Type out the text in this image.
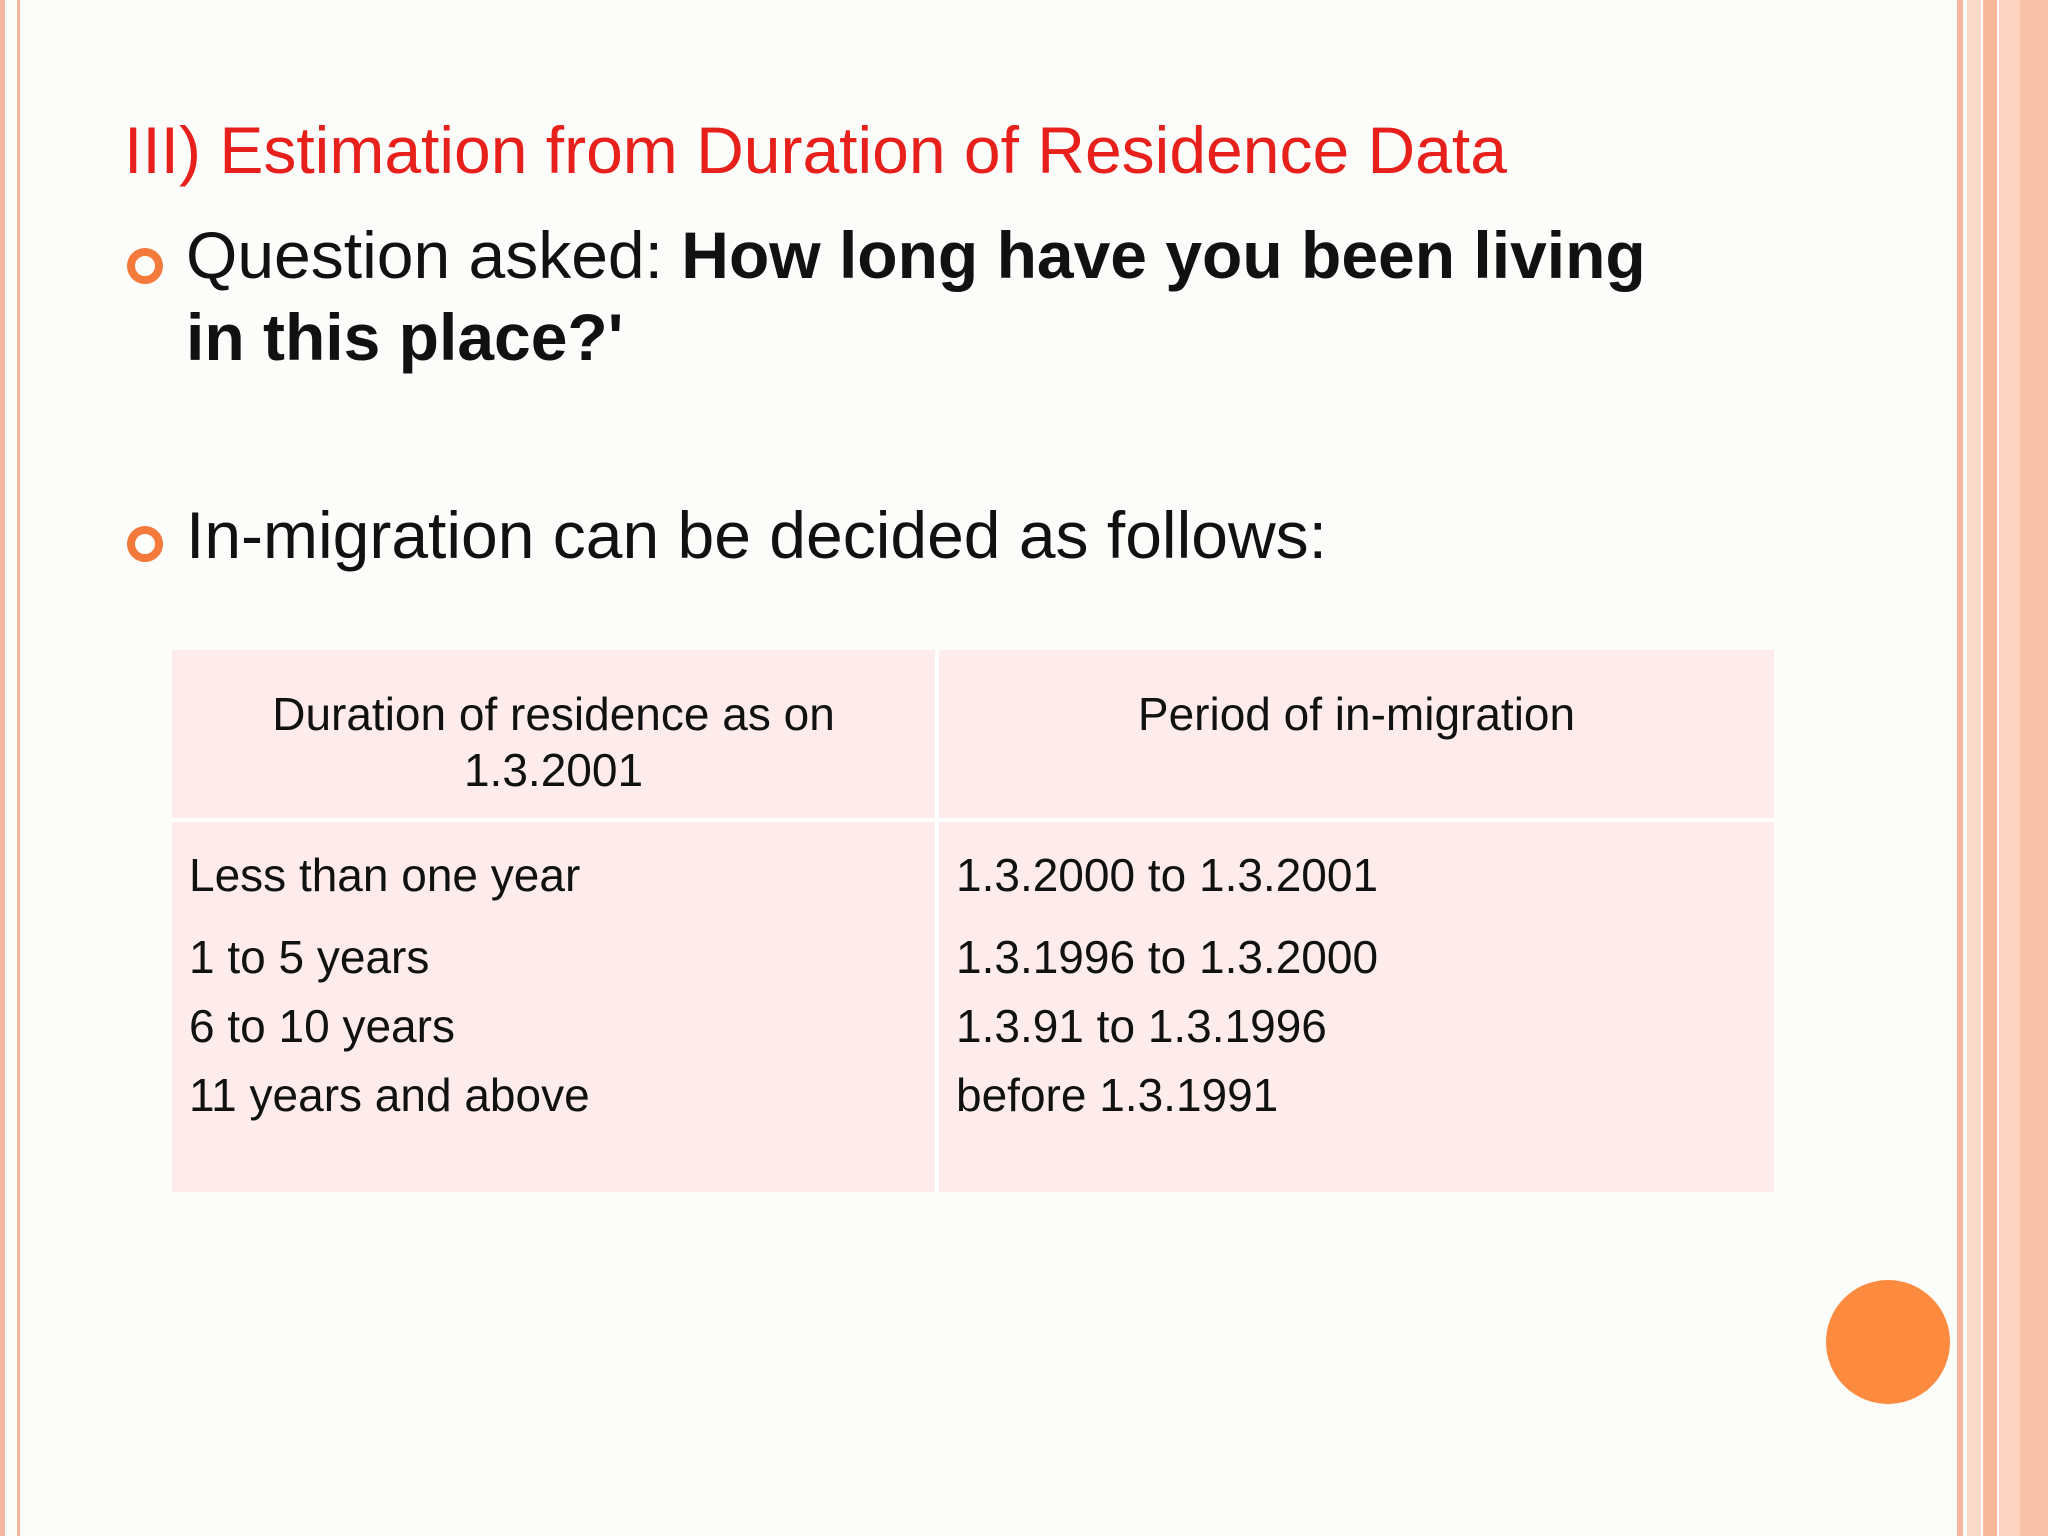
III) Estimation from Duration of Residence Data
Question asked: How long have you been living
in this place?'
In-migration can be decided as follows:
Duration of residence as on 1.3.2001
Period of in-migration
Less than one year
1 to 5 years
6 to 10 years
11 years and above
1.3.2000 to 1.3.2001
1.3.1996 to 1.3.2000
1.3.91 to 1.3.1996
before 1.3.1991
